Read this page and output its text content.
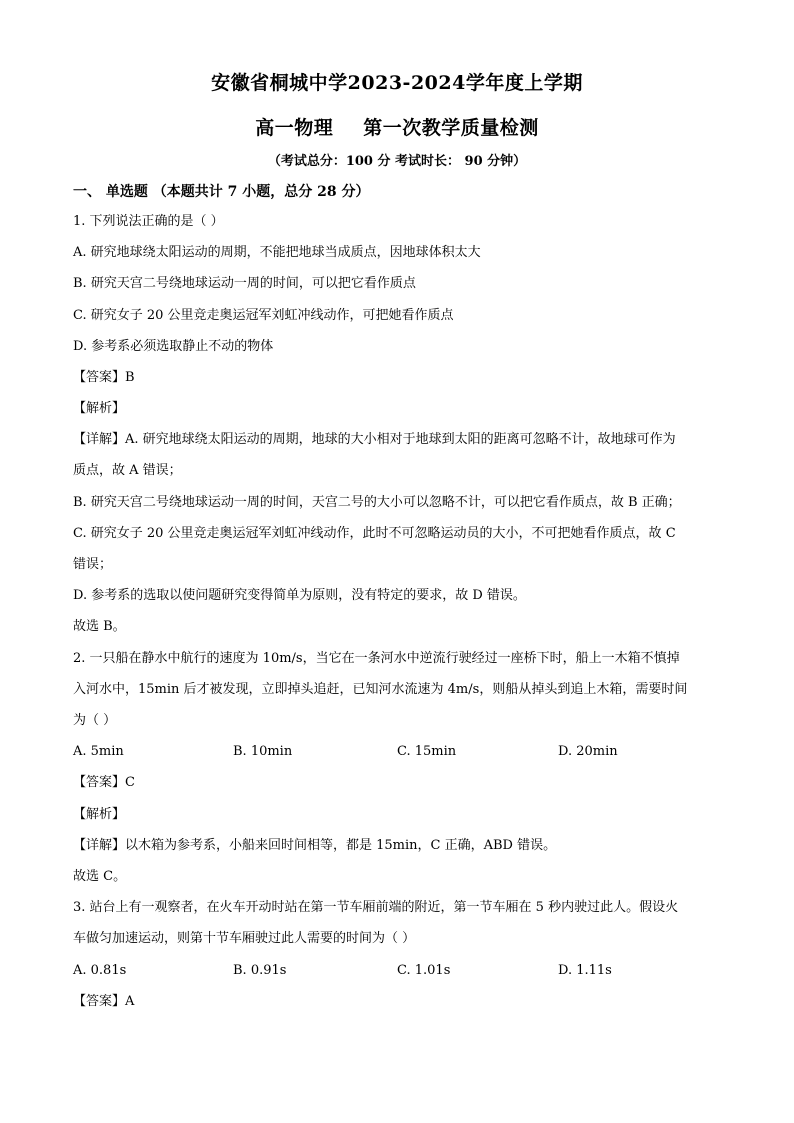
安徽省桐城中学2023-2024学年度上学期
高一物理 第一次教学质量检测
（考试总分：100 分 考试时长： 90 分钟）
一、 单选题 （本题共计 7 小题，总分 28 分）
1. 下列说法正确的是（ ）
A. 研究地球绕太阳运动的周期，不能把地球当成质点，因地球体积太大
B. 研究天宫二号绕地球运动一周的时间，可以把它看作质点
C. 研究女子 20 公里竞走奥运冠军刘虹冲线动作，可把她看作质点
D. 参考系必须选取静止不动的物体
【答案】B
【解析】
【详解】A. 研究地球绕太阳运动的周期，地球的大小相对于地球到太阳的距离可忽略不计，故地球可作为
质点，故 A 错误；
B. 研究天宫二号绕地球运动一周的时间，天宫二号的大小可以忽略不计，可以把它看作质点，故 B 正确；
C. 研究女子 20 公里竞走奥运冠军刘虹冲线动作，此时不可忽略运动员的大小，不可把她看作质点，故 C
错误；
D. 参考系的选取以使问题研究变得简单为原则，没有特定的要求，故 D 错误。
故选 B。
2. 一只船在静水中航行的速度为 10m/s，当它在一条河水中逆流行驶经过一座桥下时，船上一木箱不慎掉
入河水中，15min 后才被发现，立即掉头追赶，已知河水流速为 4m/s，则船从掉头到追上木箱，需要时间
为（ ）
A. 5min	B. 10min	C. 15min	D. 20min
【答案】C
【解析】
【详解】以木箱为参考系，小船来回时间相等，都是 15min，C 正确，ABD 错误。
故选 C。
3. 站台上有一观察者，在火车开动时站在第一节车厢前端的附近，第一节车厢在 5 秒内驶过此人。假设火
车做匀加速运动，则第十节车厢驶过此人需要的时间为（ ）
A. 0.81s	B. 0.91s	C. 1.01s	D. 1.11s
【答案】A
